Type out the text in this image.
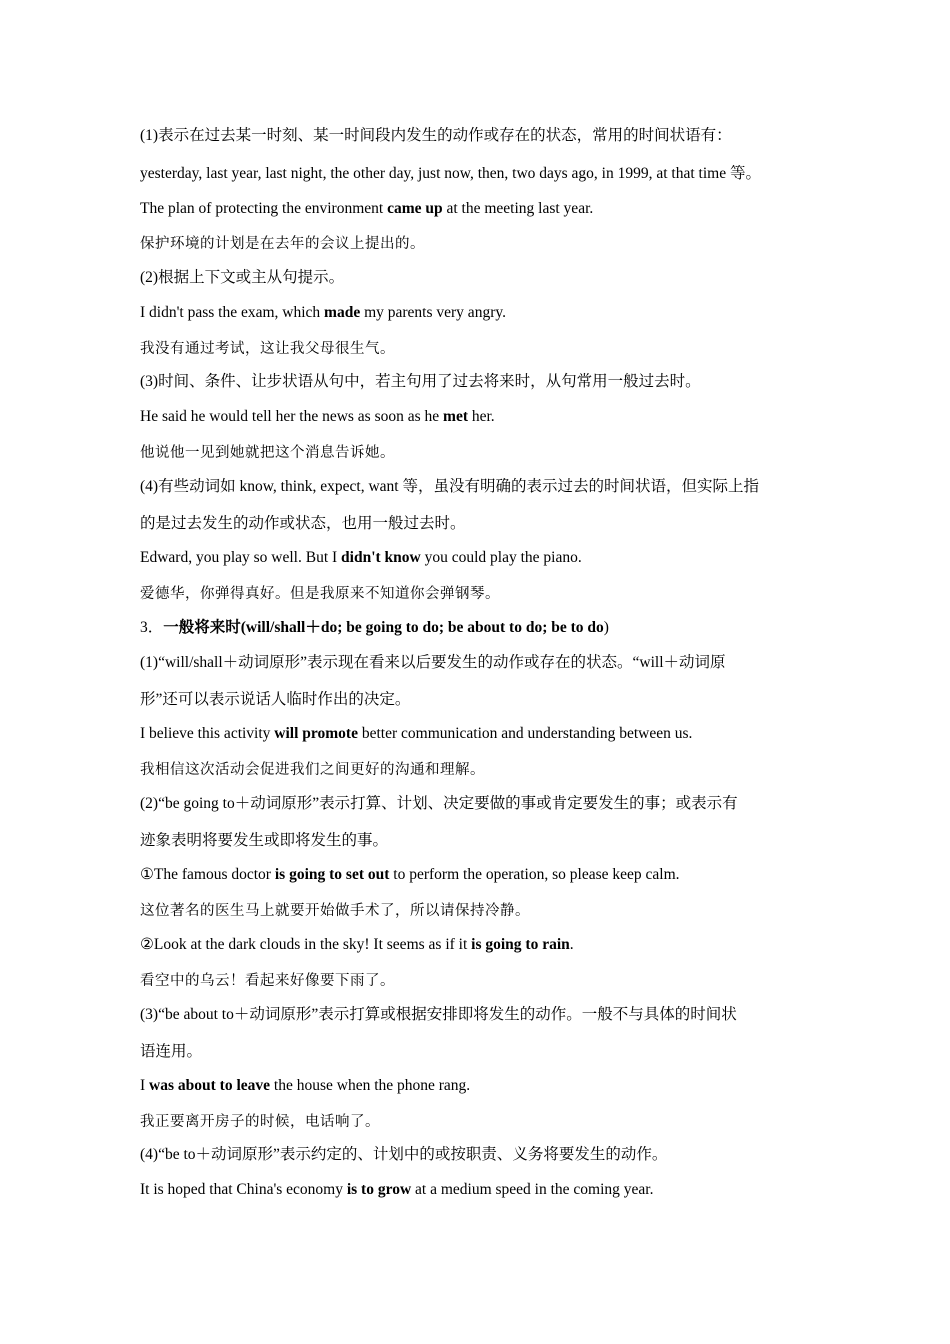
(1)表示在过去某一时刻、某一时间段内发生的动作或存在的状态，常用的时间状语有：
yesterday, last year, last night, the other day, just now, then, two days ago, in 1999, at that time 等。
The plan of protecting the environment came up at the meeting last year.
保护环境的计划是在去年的会议上提出的。
(2)根据上下文或主从句提示。
I didn't pass the exam, which made my parents very angry.
我没有通过考试，这让我父母很生气。
(3)时间、条件、让步状语从句中，若主句用了过去将来时，从句常用一般过去时。
He said he would tell her the news as soon as he met her.
他说他一见到她就把这个消息告诉她。
(4)有些动词如 know, think, expect, want 等，虽没有明确的表示过去的时间状语，但实际上指
的是过去发生的动作或状态，也用一般过去时。
Edward, you play so well. But I didn't know you could play the piano.
爱德华，你弹得真好。但是我原来不知道你会弹钢琴。
3．一般将来时(will/shall＋do; be going to do; be about to do; be to do)
(1)“will/shall＋动词原形”表示现在看来以后要发生的动作或存在的状态。“will＋动词原
形”还可以表示说话人临时作出的决定。
I believe this activity will promote better communication and understanding between us.
我相信这次活动会促进我们之间更好的沟通和理解。
(2)“be going to＋动词原形”表示打算、计划、决定要做的事或肯定要发生的事；或表示有
迹象表明将要发生或即将发生的事。
①The famous doctor is going to set out to perform the operation, so please keep calm.
这位著名的医生马上就要开始做手术了，所以请保持冷静。
②Look at the dark clouds in the sky! It seems as if it is going to rain.
看空中的乌云！看起来好像要下雨了。
(3)“be about to＋动词原形”表示打算或根据安排即将发生的动作。一般不与具体的时间状
语连用。
I was about to leave the house when the phone rang.
我正要离开房子的时候，电话响了。
(4)“be to＋动词原形”表示约定的、计划中的或按职责、义务将要发生的动作。
It is hoped that China's economy is to grow at a medium speed in the coming year.
